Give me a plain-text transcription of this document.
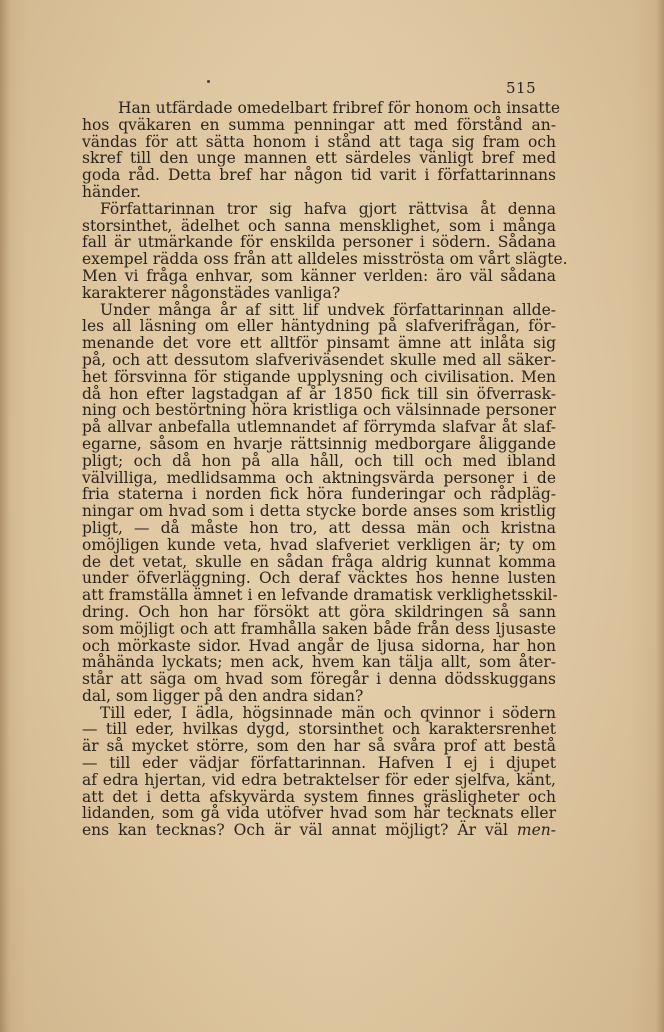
515
Han utfärdade omedelbart fribref för honom och insatte
hos qväkaren en summa penningar att med förstånd an-
vändas för att sätta honom i stånd att taga sig fram och
skref till den unge mannen ett särdeles vänligt bref med
goda råd. Detta bref har någon tid varit i författarinnans
händer.
Författarinnan tror sig hafva gjort rättvisa åt denna
storsinthet, ädelhet och sanna mensklighet, som i många
fall är utmärkande för enskilda personer i södern. Sådana
exempel rädda oss från att alldeles misströsta om vårt slägte.
Men vi fråga enhvar, som känner verlden: äro väl sådana
karakterer någonstädes vanliga?
Under många år af sitt lif undvek författarinnan allde-
les all läsning om eller häntydning på slafverifrågan, för-
menande det vore ett alltför pinsamt ämne att inlåta sig
på, och att dessutom slafveriväsendet skulle med all säker-
het försvinna för stigande upplysning och civilisation. Men
då hon efter lagstadgan af år 1850 fick till sin öfverrask-
ning och bestörtning höra kristliga och välsinnade personer
på allvar anbefalla utlemnandet af förrymda slafvar åt slaf-
egarne, såsom en hvarje rättsinnig medborgare åliggande
pligt; och då hon på alla håll, och till och med ibland
välvilliga, medlidsamma och aktningsvärda personer i de
fria staterna i norden fick höra funderingar och rådpläg-
ningar om hvad som i detta stycke borde anses som kristlig
pligt, — då måste hon tro, att dessa män och kristna
omöjligen kunde veta, hvad slafveriet verkligen är; ty om
de det vetat, skulle en sådan fråga aldrig kunnat komma
under öfverläggning. Och deraf väcktes hos henne lusten
att framställa ämnet i en lefvande dramatisk verklighetsskil-
dring. Och hon har försökt att göra skildringen så sann
som möjligt och att framhålla saken både från dess ljusaste
och mörkaste sidor. Hvad angår de ljusa sidorna, har hon
måhända lyckats; men ack, hvem kan tälja allt, som åter-
står att säga om hvad som föregår i denna dödsskuggans
dal, som ligger på den andra sidan?
Till eder, I ädla, högsinnade män och qvinnor i södern
— till eder, hvilkas dygd, storsinthet och karaktersrenhet
är så mycket större, som den har så svåra prof att bestå
— till eder vädjar författarinnan. Hafven I ej i djupet
af edra hjertan, vid edra betraktelser för eder sjelfva, känt,
att det i detta afskyvärda system finnes gräsligheter och
lidanden, som gå vida utöfver hvad som här tecknats eller
ens kan tecknas? Och är väl annat möjligt? Är väl men-
